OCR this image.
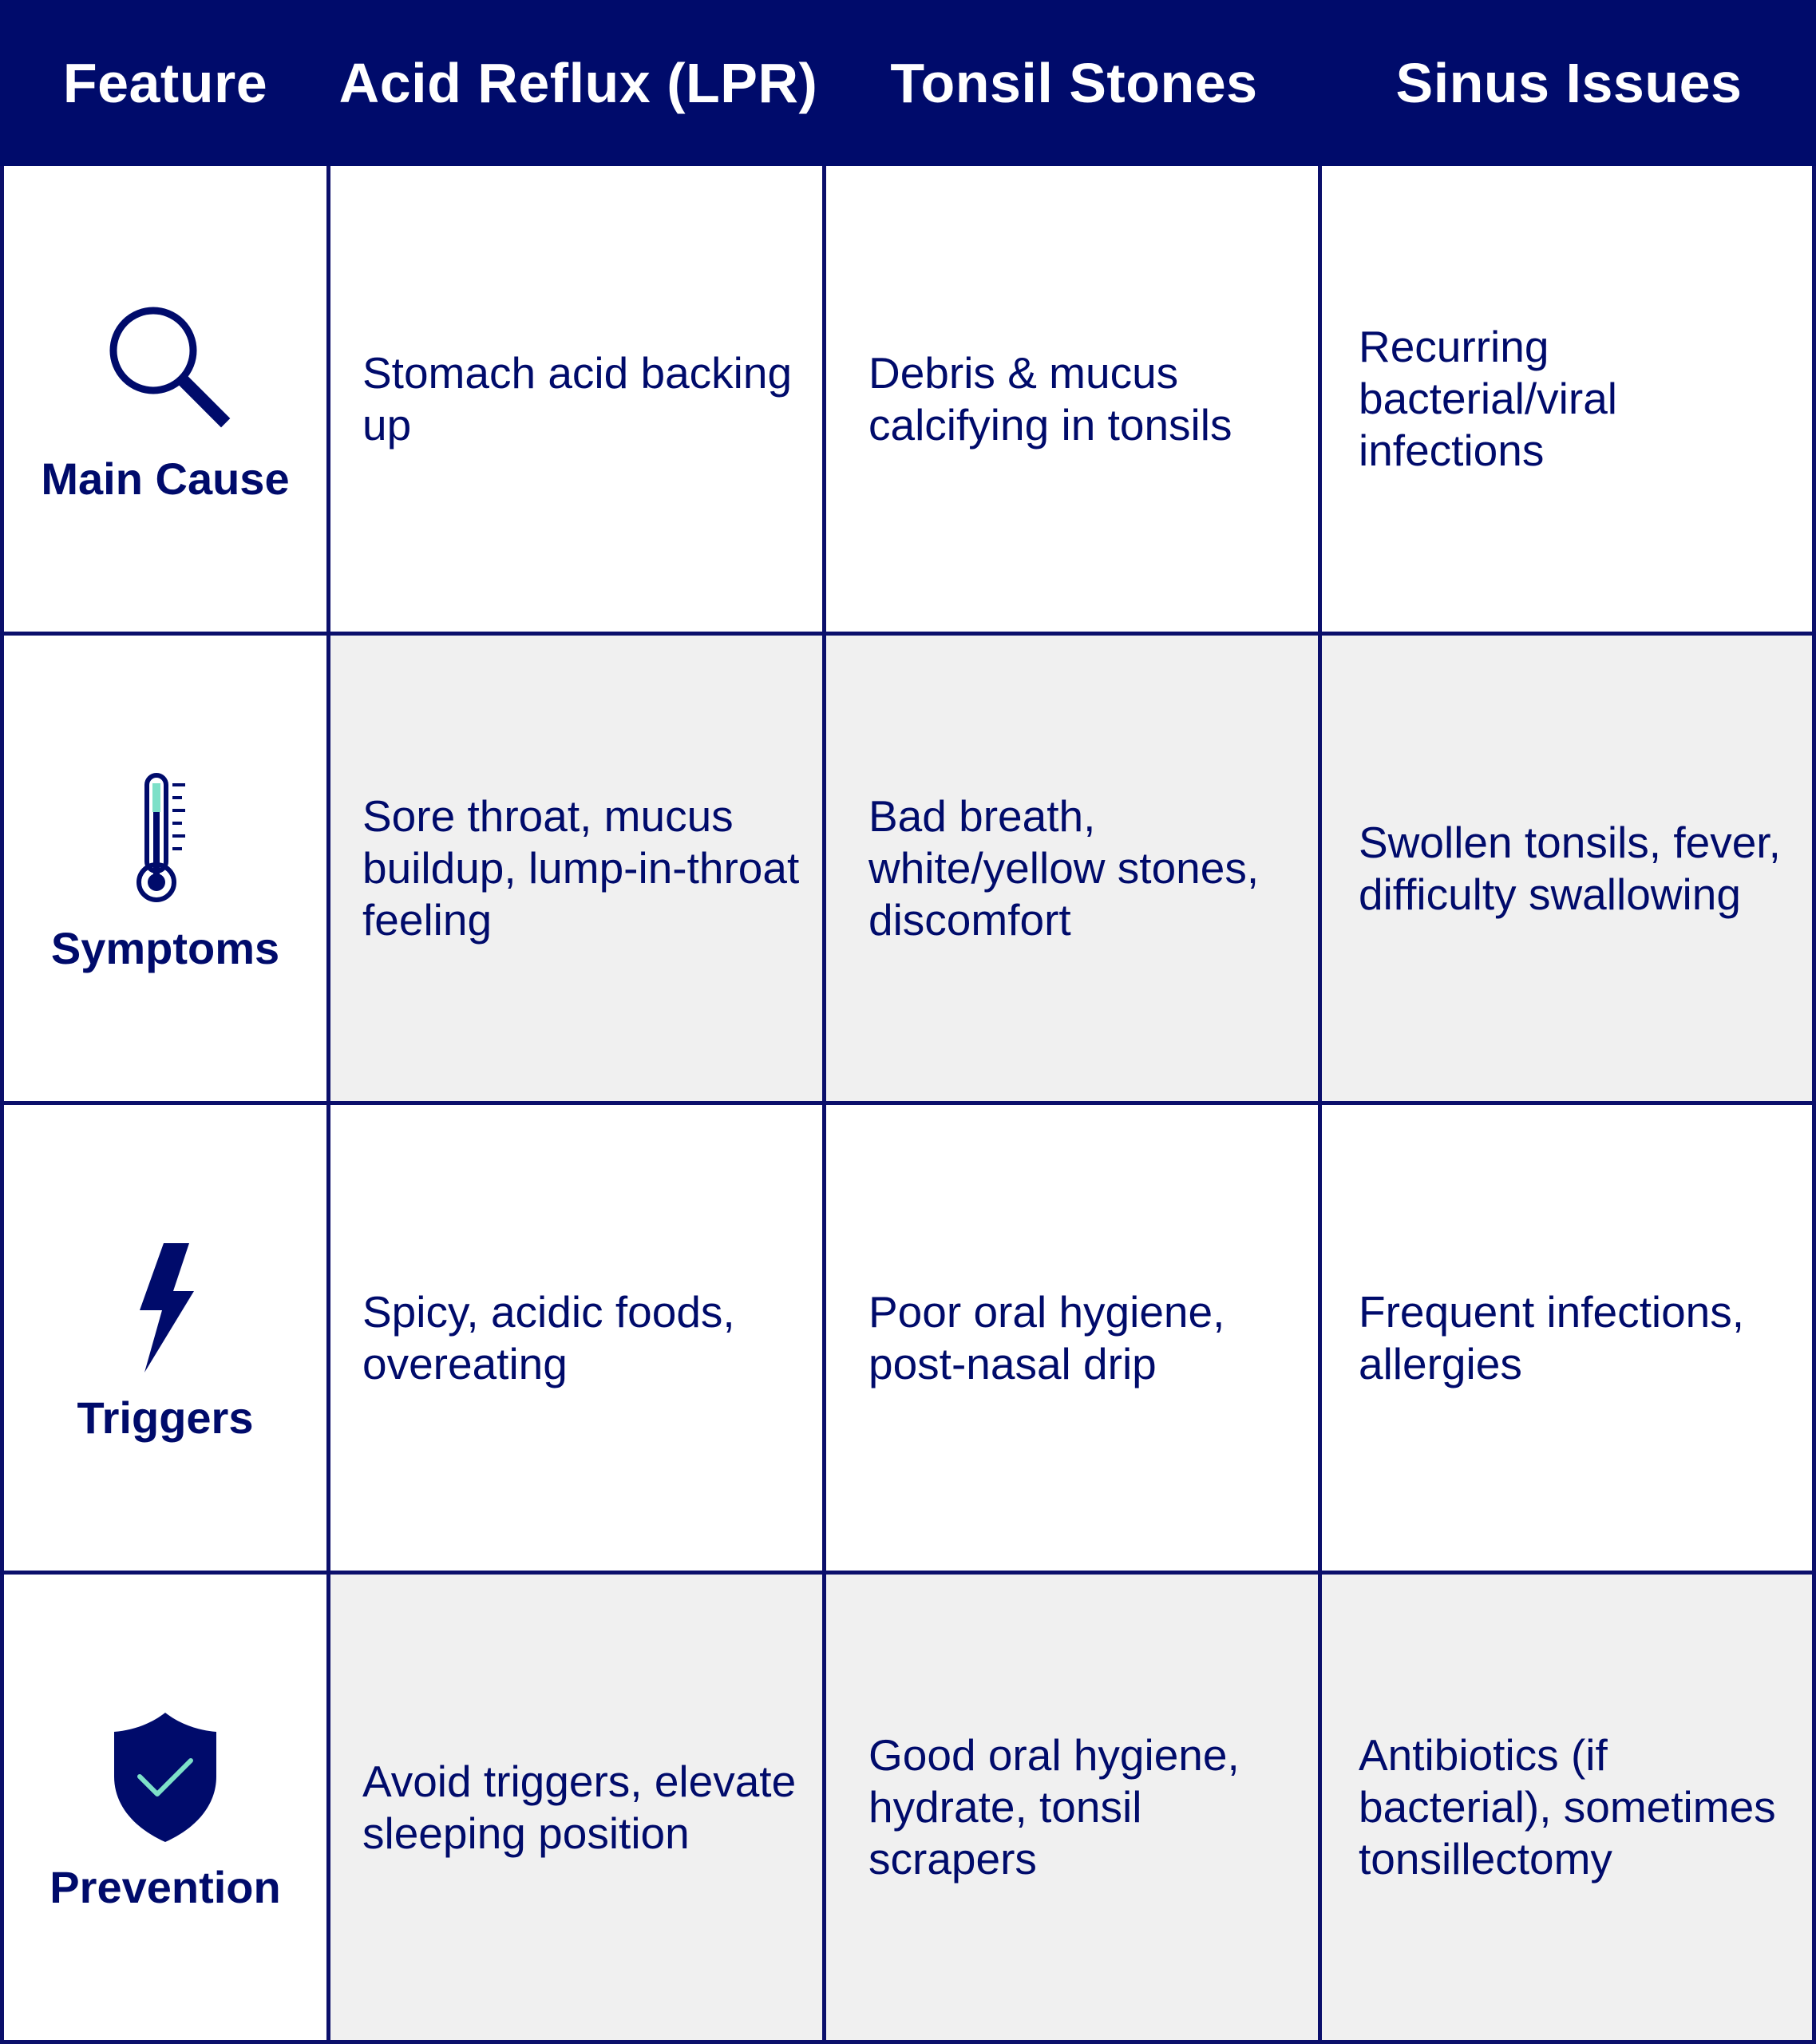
Feature Acid Reflux (LPR) Tonsil Stones Sinus Issues
Main Cause
Stomach acid backing up
Debris & mucus calcifying in tonsils
Recurring bacterial/viral infections
Symptoms
Sore throat, mucus buildup, lump-in-throat feeling
Bad breath, white/yellow stones, discomfort
Swollen tonsils, fever, difficulty swallowing
Triggers
Spicy, acidic foods, overeating
Poor oral hygiene, post-nasal drip
Frequent infections, allergies
Prevention
Avoid triggers, elevate sleeping position
Good oral hygiene, hydrate, tonsil scrapers
Antibiotics (if bacterial), sometimes tonsillectomy
